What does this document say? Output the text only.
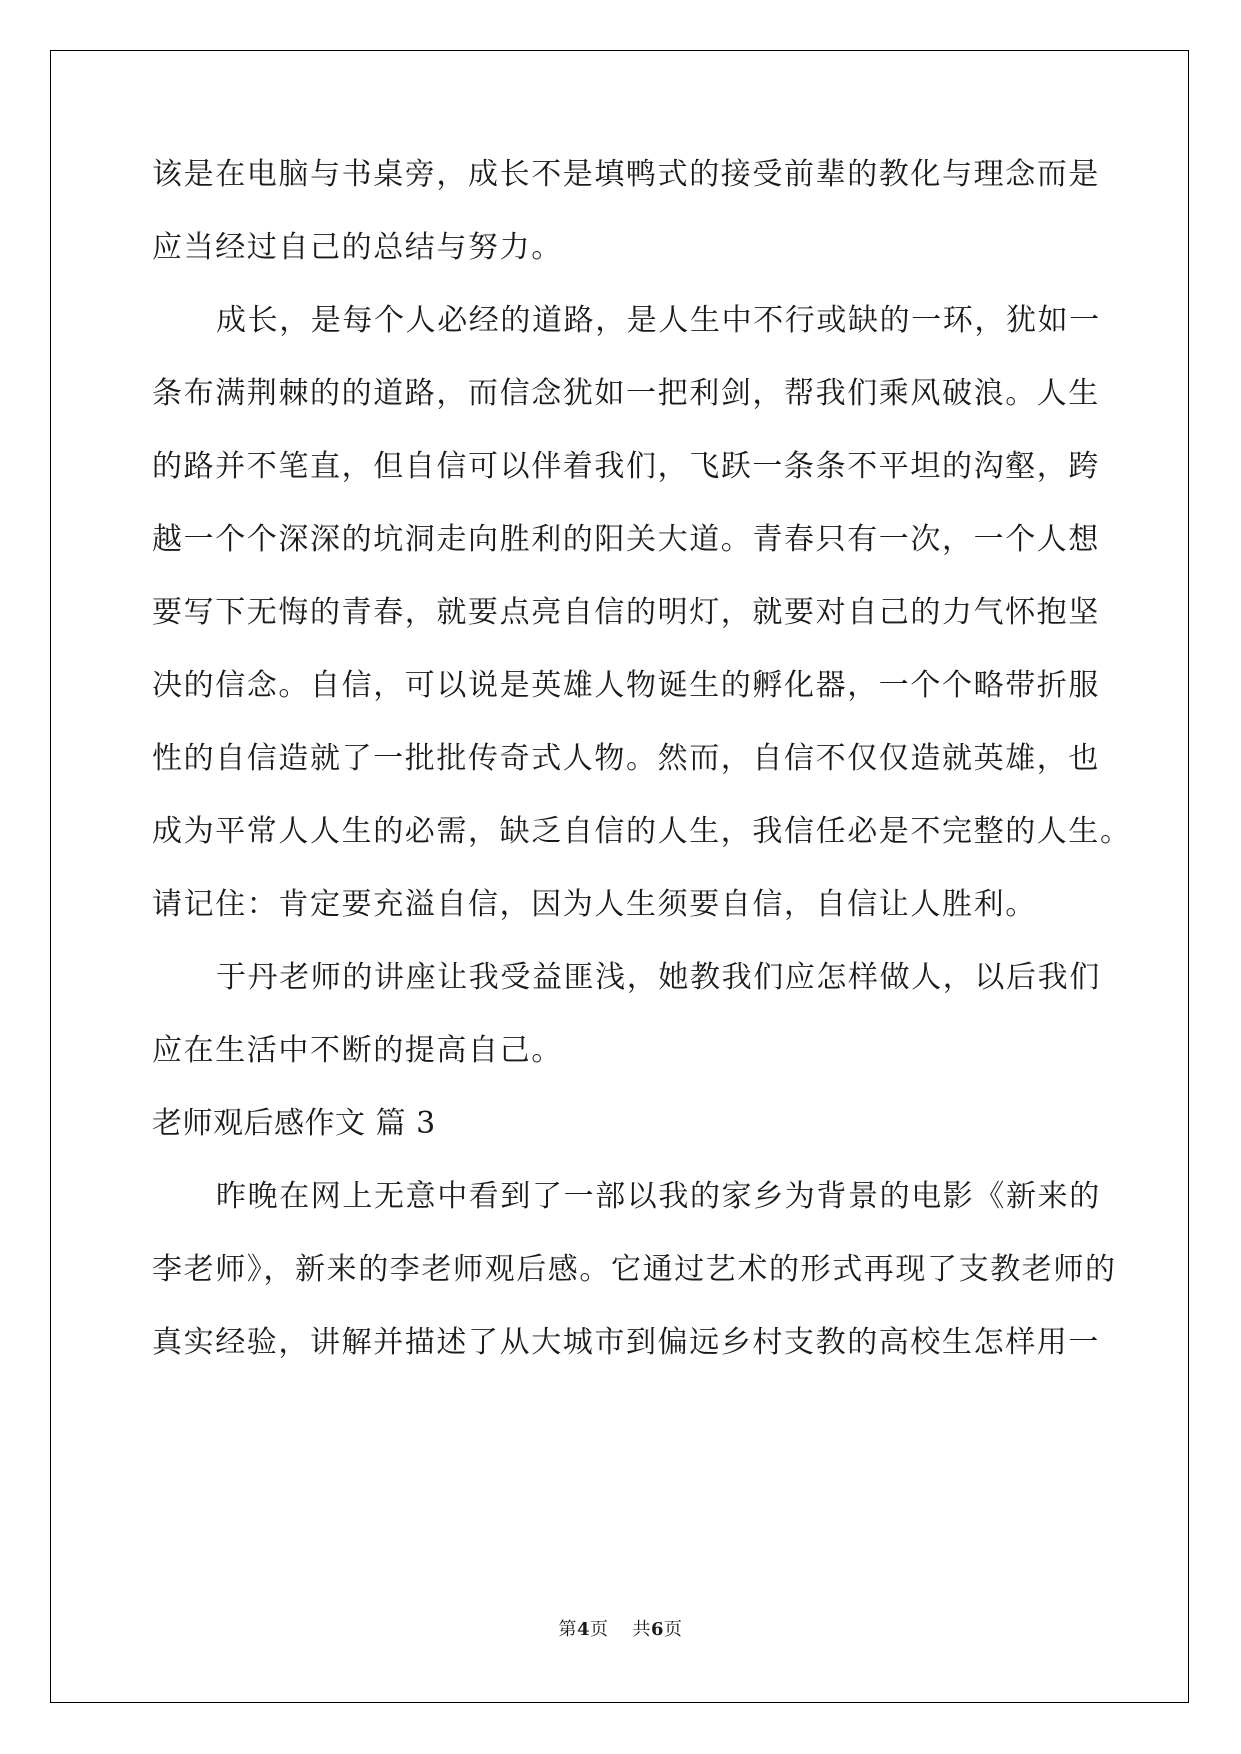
该是在电脑与书桌旁，成长不是填鸭式的接受前辈的教化与理念而是
应当经过自己的总结与努力。
成长，是每个人必经的道路，是人生中不行或缺的一环，犹如一
条布满荆棘的的道路，而信念犹如一把利剑，帮我们乘风破浪。人生
的路并不笔直，但自信可以伴着我们，飞跃一条条不平坦的沟壑，跨
越一个个深深的坑洞走向胜利的阳关大道。青春只有一次，一个人想
要写下无悔的青春，就要点亮自信的明灯，就要对自己的力气怀抱坚
决的信念。自信，可以说是英雄人物诞生的孵化器，一个个略带折服
性的自信造就了一批批传奇式人物。然而，自信不仅仅造就英雄，也
成为平常人人生的必需，缺乏自信的人生，我信任必是不完整的人生。
请记住：肯定要充溢自信，因为人生须要自信，自信让人胜利。
于丹老师的讲座让我受益匪浅，她教我们应怎样做人，以后我们
应在生活中不断的提高自己。
老师观后感作文 篇 3
昨晚在网上无意中看到了一部以我的家乡为背景的电影《新来的
李老师》，新来的李老师观后感。它通过艺术的形式再现了支教老师的
真实经验，讲解并描述了从大城市到偏远乡村支教的高校生怎样用一
第4页 共6页
